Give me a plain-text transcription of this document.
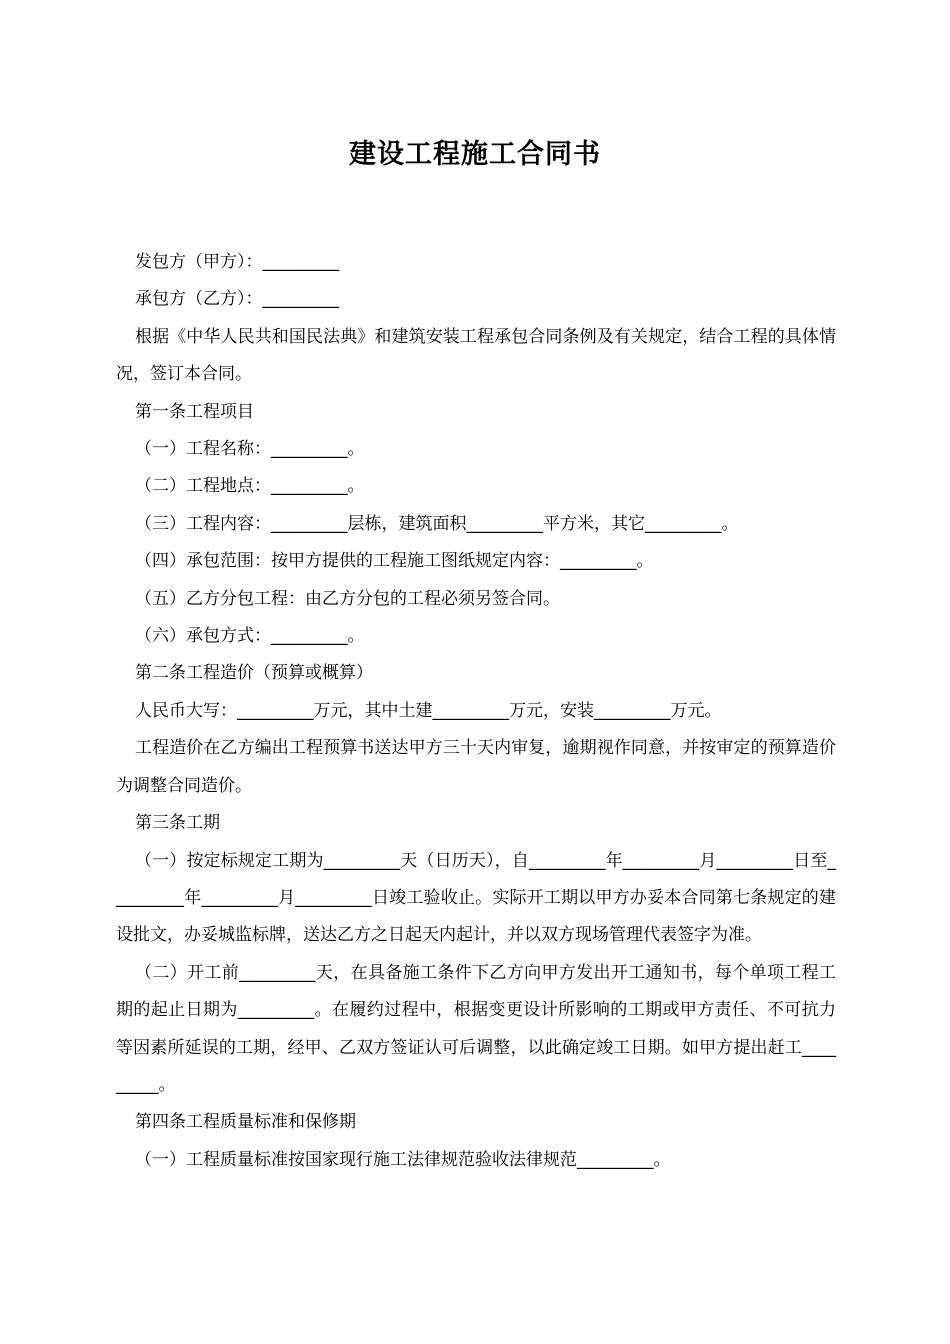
建设工程施工合同书

发包方（甲方）：_________

承包方（乙方）：_________

根据《中华人民共和国民法典》和建筑安装工程承包合同条例及有关规定，结合工程的具体情况，签订本合同。

第一条工程项目

（一）工程名称：_________。

（二）工程地点：_________。

（三）工程内容：_________层栋，建筑面积_________平方米，其它_________。

（四）承包范围：按甲方提供的工程施工图纸规定内容：_________。

（五）乙方分包工程：由乙方分包的工程必须另签合同。

（六）承包方式：_________。

第二条工程造价（预算或概算）

人民币大写：_________万元，其中土建_________万元，安装_________万元。

工程造价在乙方编出工程预算书送达甲方三十天内审复，逾期视作同意，并按审定的预算造价为调整合同造价。

第三条工期

（一）按定标规定工期为_________天（日历天），自_________年_________月_________日至_________年_________月_________日竣工验收止。实际开工期以甲方办妥本合同第七条规定的建设批文，办妥城监标牌，送达乙方之日起天内起计，并以双方现场管理代表签字为准。

（二）开工前_________天，在具备施工条件下乙方向甲方发出开工通知书，每个单项工程工期的起止日期为_________。在履约过程中，根据变更设计所影响的工期或甲方责任、不可抗力等因素所延误的工期，经甲、乙双方签证认可后调整，以此确定竣工日期。如甲方提出赶工_________。

第四条工程质量标准和保修期

（一）工程质量标准按国家现行施工法律规范验收法律规范_________。
